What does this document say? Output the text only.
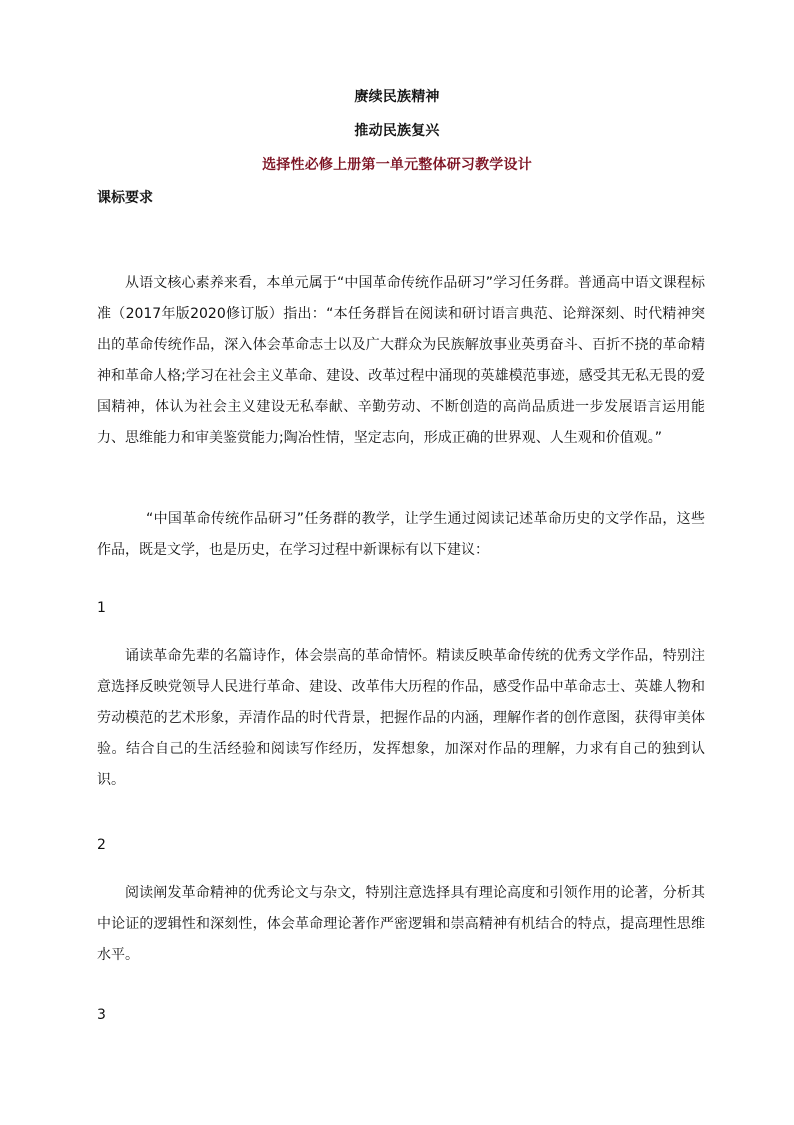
赓续民族精神
推动民族复兴
选择性必修上册第一单元整体研习教学设计
课标要求

从语文核心素养来看，本单元属于“中国革命传统作品研习”学习任务群。普通高中语文课程标准（2017年版2020修订版）指出：“本任务群旨在阅读和研讨语言典范、论辩深刻、时代精神突出的革命传统作品，深入体会革命志士以及广大群众为民族解放事业英勇奋斗、百折不挠的革命精神和革命人格;学习在社会主义革命、建设、改革过程中涌现的英雄模范事迹，感受其无私无畏的爱国精神，体认为社会主义建设无私奉献、辛勤劳动、不断创造的高尚品质进一步发展语言运用能力、思维能力和审美鉴赏能力;陶冶性情，坚定志向，形成正确的世界观、人生观和价值观。”

“中国革命传统作品研习”任务群的教学，让学生通过阅读记述革命历史的文学作品，这些作品，既是文学，也是历史，在学习过程中新课标有以下建议：

1

诵读革命先辈的名篇诗作，体会崇高的革命情怀。精读反映革命传统的优秀文学作品，特别注意选择反映党领导人民进行革命、建设、改革伟大历程的作品，感受作品中革命志士、英雄人物和劳动模范的艺术形象，弄清作品的时代背景，把握作品的内涵，理解作者的创作意图，获得审美体验。结合自己的生活经验和阅读写作经历，发挥想象，加深对作品的理解，力求有自己的独到认识。

2

阅读阐发革命精神的优秀论文与杂文，特别注意选择具有理论高度和引领作用的论著，分析其中论证的逻辑性和深刻性，体会革命理论著作严密逻辑和崇高精神有机结合的特点，提高理性思维水平。

3
